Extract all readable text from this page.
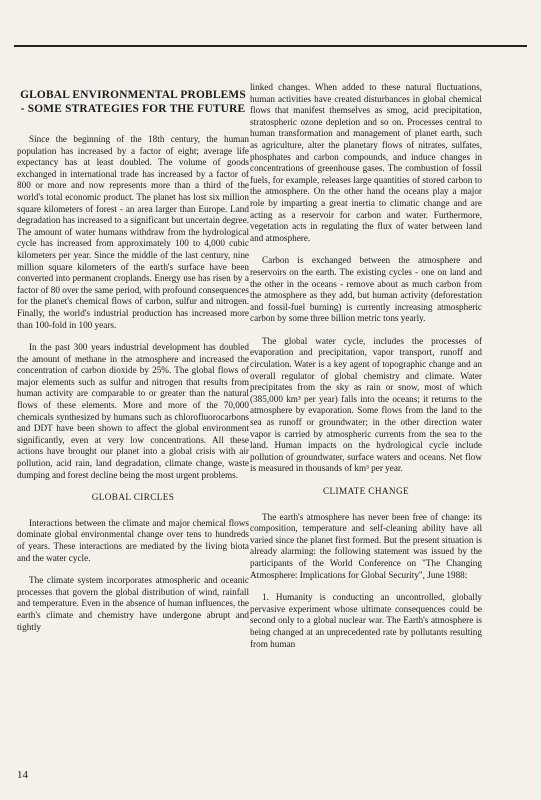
GLOBAL ENVIRONMENTAL PROBLEMS - SOME STRATEGIES FOR THE FUTURE

Since the beginning of the 18th century, the human population has increased by a factor of eight; average life expectancy has at least doubled. The volume of goods exchanged in international trade has increased by a factor of 800 or more and now represents more than a third of the world's total economic product. The planet has lost six million square kilometers of forest - an area larger than Europe. Land degradation has increased to a significant but uncertain degree. The amount of water humans withdraw from the hydrological cycle has increased from approximately 100 to 4,000 cubic kilometers per year. Since the middle of the last century, nine million square kilometers of the earth's surface have been converted into permanent croplands. Energy use has risen by a factor of 80 over the same period, with profound consequences for the planet's chemical flows of carbon, sulfur and nitrogen. Finally, the world's industrial production has increased more than 100-fold in 100 years.

In the past 300 years industrial development has doubled the amount of methane in the atmosphere and increased the concentration of carbon dioxide by 25%. The global flows of major elements such as sulfur and nitrogen that results from human activity are comparable to or greater than the natural flows of these elements. More and more of the 70,000 chemicals synthesized by humans such as chlorofluorocarbons and DDT have been shown to affect the global environment significantly, even at very low concentrations. All these actions have brought our planet into a global crisis with air pollution, acid rain, land degradation, climate change, waste dumping and forest decline being the most urgent problems.

GLOBAL CIRCLES

Interactions between the climate and major chemical flows dominate global environmental change over tens to hundreds of years. These interactions are mediated by the living biota and the water cycle.

The climate system incorporates atmospheric and oceanic processes that govern the global distribution of wind, rainfall and temperature. Even in the absence of human influences, the earth's climate and chemistry have undergone abrupt and tightly

linked changes. When added to these natural fluctuations, human activities have created disturbances in global chemical flows that manifest themselves as smog, acid precipitation, stratospheric ozone depletion and so on. Processes central to human transformation and management of planet earth, such as agriculture, alter the planetary flows of nitrates, sulfates, phosphates and carbon compounds, and induce changes in concentrations of greenhouse gases. The combustion of fossil fuels, for example, releases large quantities of stored carbon to the atmosphere. On the other hand the oceans play a major role by imparting a great inertia to climatic change and are acting as a reservoir for carbon and water. Furthermore, vegetation acts in regulating the flux of water between land and atmosphere.

Carbon is exchanged between the atmosphere and reservoirs on the earth. The existing cycles - one on land and the other in the oceans - remove about as much carbon from the atmosphere as they add, but human activity (deforestation and fossil-fuel burning) is currently increasing atmospheric carbon by some three billion metric tons yearly.

The global water cycle, includes the processes of evaporation and precipitation, vapor transport, runoff and circulation. Water is a key agent of topographic change and an overall regulator of global chemistry and climate. Water precipitates from the sky as rain or snow, most of which (385,000 km³ per year) falls into the oceans; it returns to the atmosphere by evaporation. Some flows from the land to the sea as runoff or groundwater; in the other direction water vapor is carried by atmospheric currents from the sea to the land. Human impacts on the hydrological cycle include pollution of groundwater, surface waters and oceans. Net flow is measured in thousands of km³ per year.

CLIMATE CHANGE

The earth's atmosphere has never been free of change: its composition, temperature and self-cleaning ability have all varied since the planet first formed. But the present situation is already alarming: the following statement was issued by the participants of the World Conference on "The Changing Atmosphere: Implications for Global Security", June 1988:

1. Humanity is conducting an uncontrolled, globally pervasive experiment whose ultimate consequences could be second only to a global nuclear war. The Earth's atmosphere is being changed at an unprecedented rate by pollutants resulting from human

14
